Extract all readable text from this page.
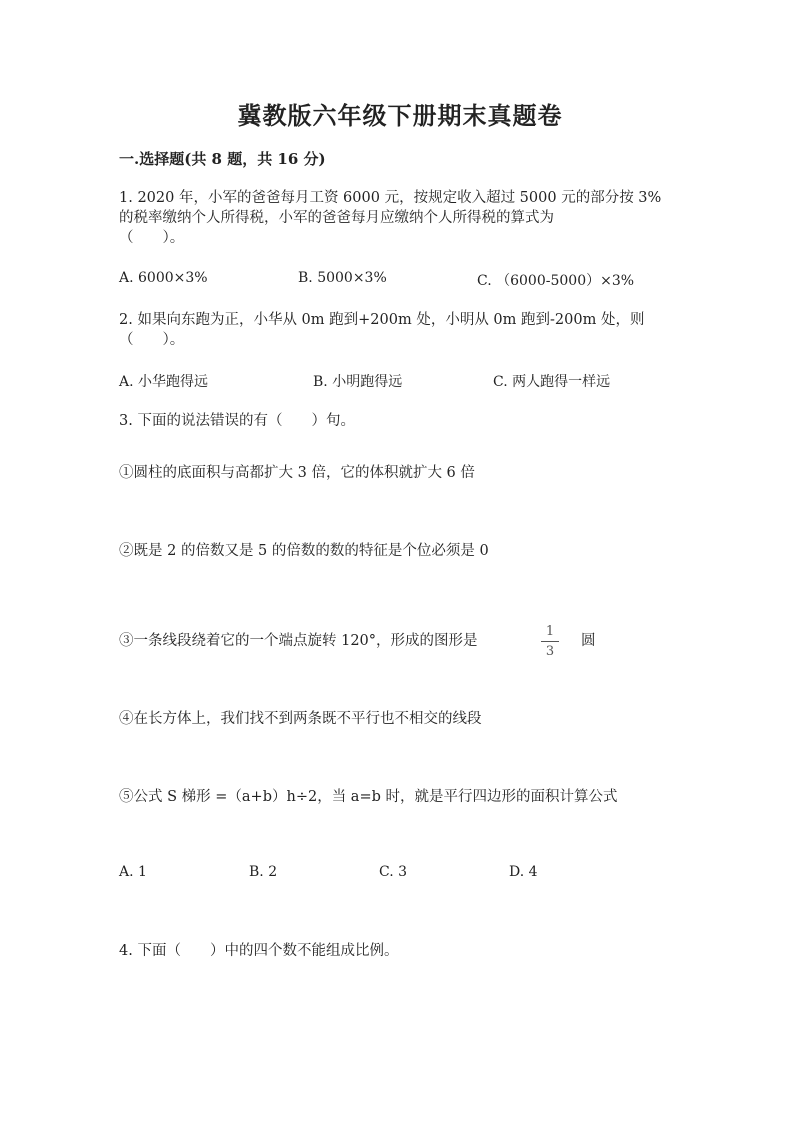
冀教版六年级下册期末真题卷
一.选择题(共 8 题，共 16 分)
1. 2020 年，小军的爸爸每月工资 6000 元，按规定收入超过 5000 元的部分按 3%
的税率缴纳个人所得税，小军的爸爸每月应缴纳个人所得税的算式为
（　　）。
A. 6000×3%	B. 5000×3%	C. （6000-5000）×3%
2. 如果向东跑为正，小华从 0m 跑到+200m 处，小明从 0m 跑到-200m 处，则
（　　）。
A. 小华跑得远	B. 小明跑得远	C. 两人跑得一样远
3. 下面的说法错误的有（　　）句。
①圆柱的底面积与高都扩大 3 倍，它的体积就扩大 6 倍
②既是 2 的倍数又是 5 的倍数的数的特征是个位必须是 0
③一条线段绕着它的一个端点旋转 120°，形成的图形是
1
3
圆
④在长方体上，我们找不到两条既不平行也不相交的线段
⑤公式 S 梯形 =（a+b）h÷2，当 a=b 时，就是平行四边形的面积计算公式
A. 1	B. 2	C. 3	D. 4
4. 下面（　　）中的四个数不能组成比例。
